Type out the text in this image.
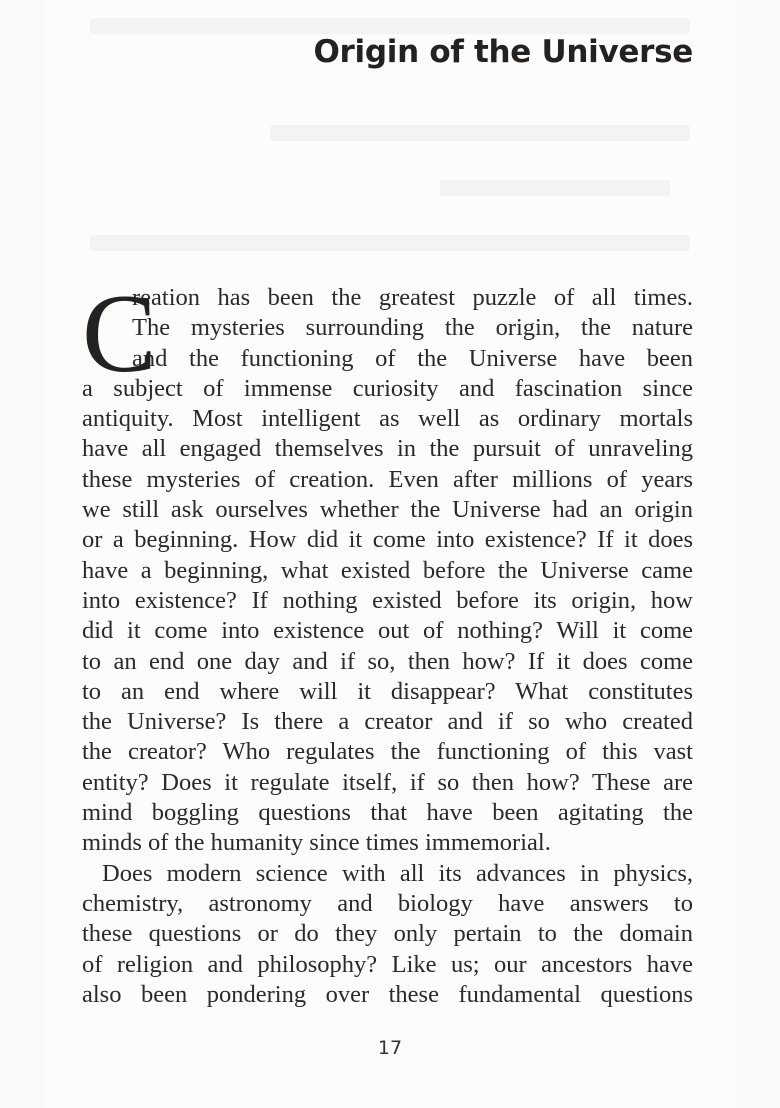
Origin of the Universe
C
reation has been the greatest puzzle of all times.
The mysteries surrounding the origin, the nature
and the functioning of the Universe have been
a subject of immense curiosity and fascination since
antiquity. Most intelligent as well as ordinary mortals
have all engaged themselves in the pursuit of unraveling
these mysteries of creation. Even after millions of years
we still ask ourselves whether the Universe had an origin
or a beginning. How did it come into existence? If it does
have a beginning, what existed before the Universe came
into existence? If nothing existed before its origin, how
did it come into existence out of nothing? Will it come
to an end one day and if so, then how? If it does come
to an end where will it disappear? What constitutes
the Universe? Is there a creator and if so who created
the creator? Who regulates the functioning of this vast
entity? Does it regulate itself, if so then how? These are
mind boggling questions that have been agitating the
minds of the humanity since times immemorial.
Does modern science with all its advances in physics,
chemistry, astronomy and biology have answers to
these questions or do they only pertain to the domain
of religion and philosophy? Like us; our ancestors have
also been pondering over these fundamental questions
17
